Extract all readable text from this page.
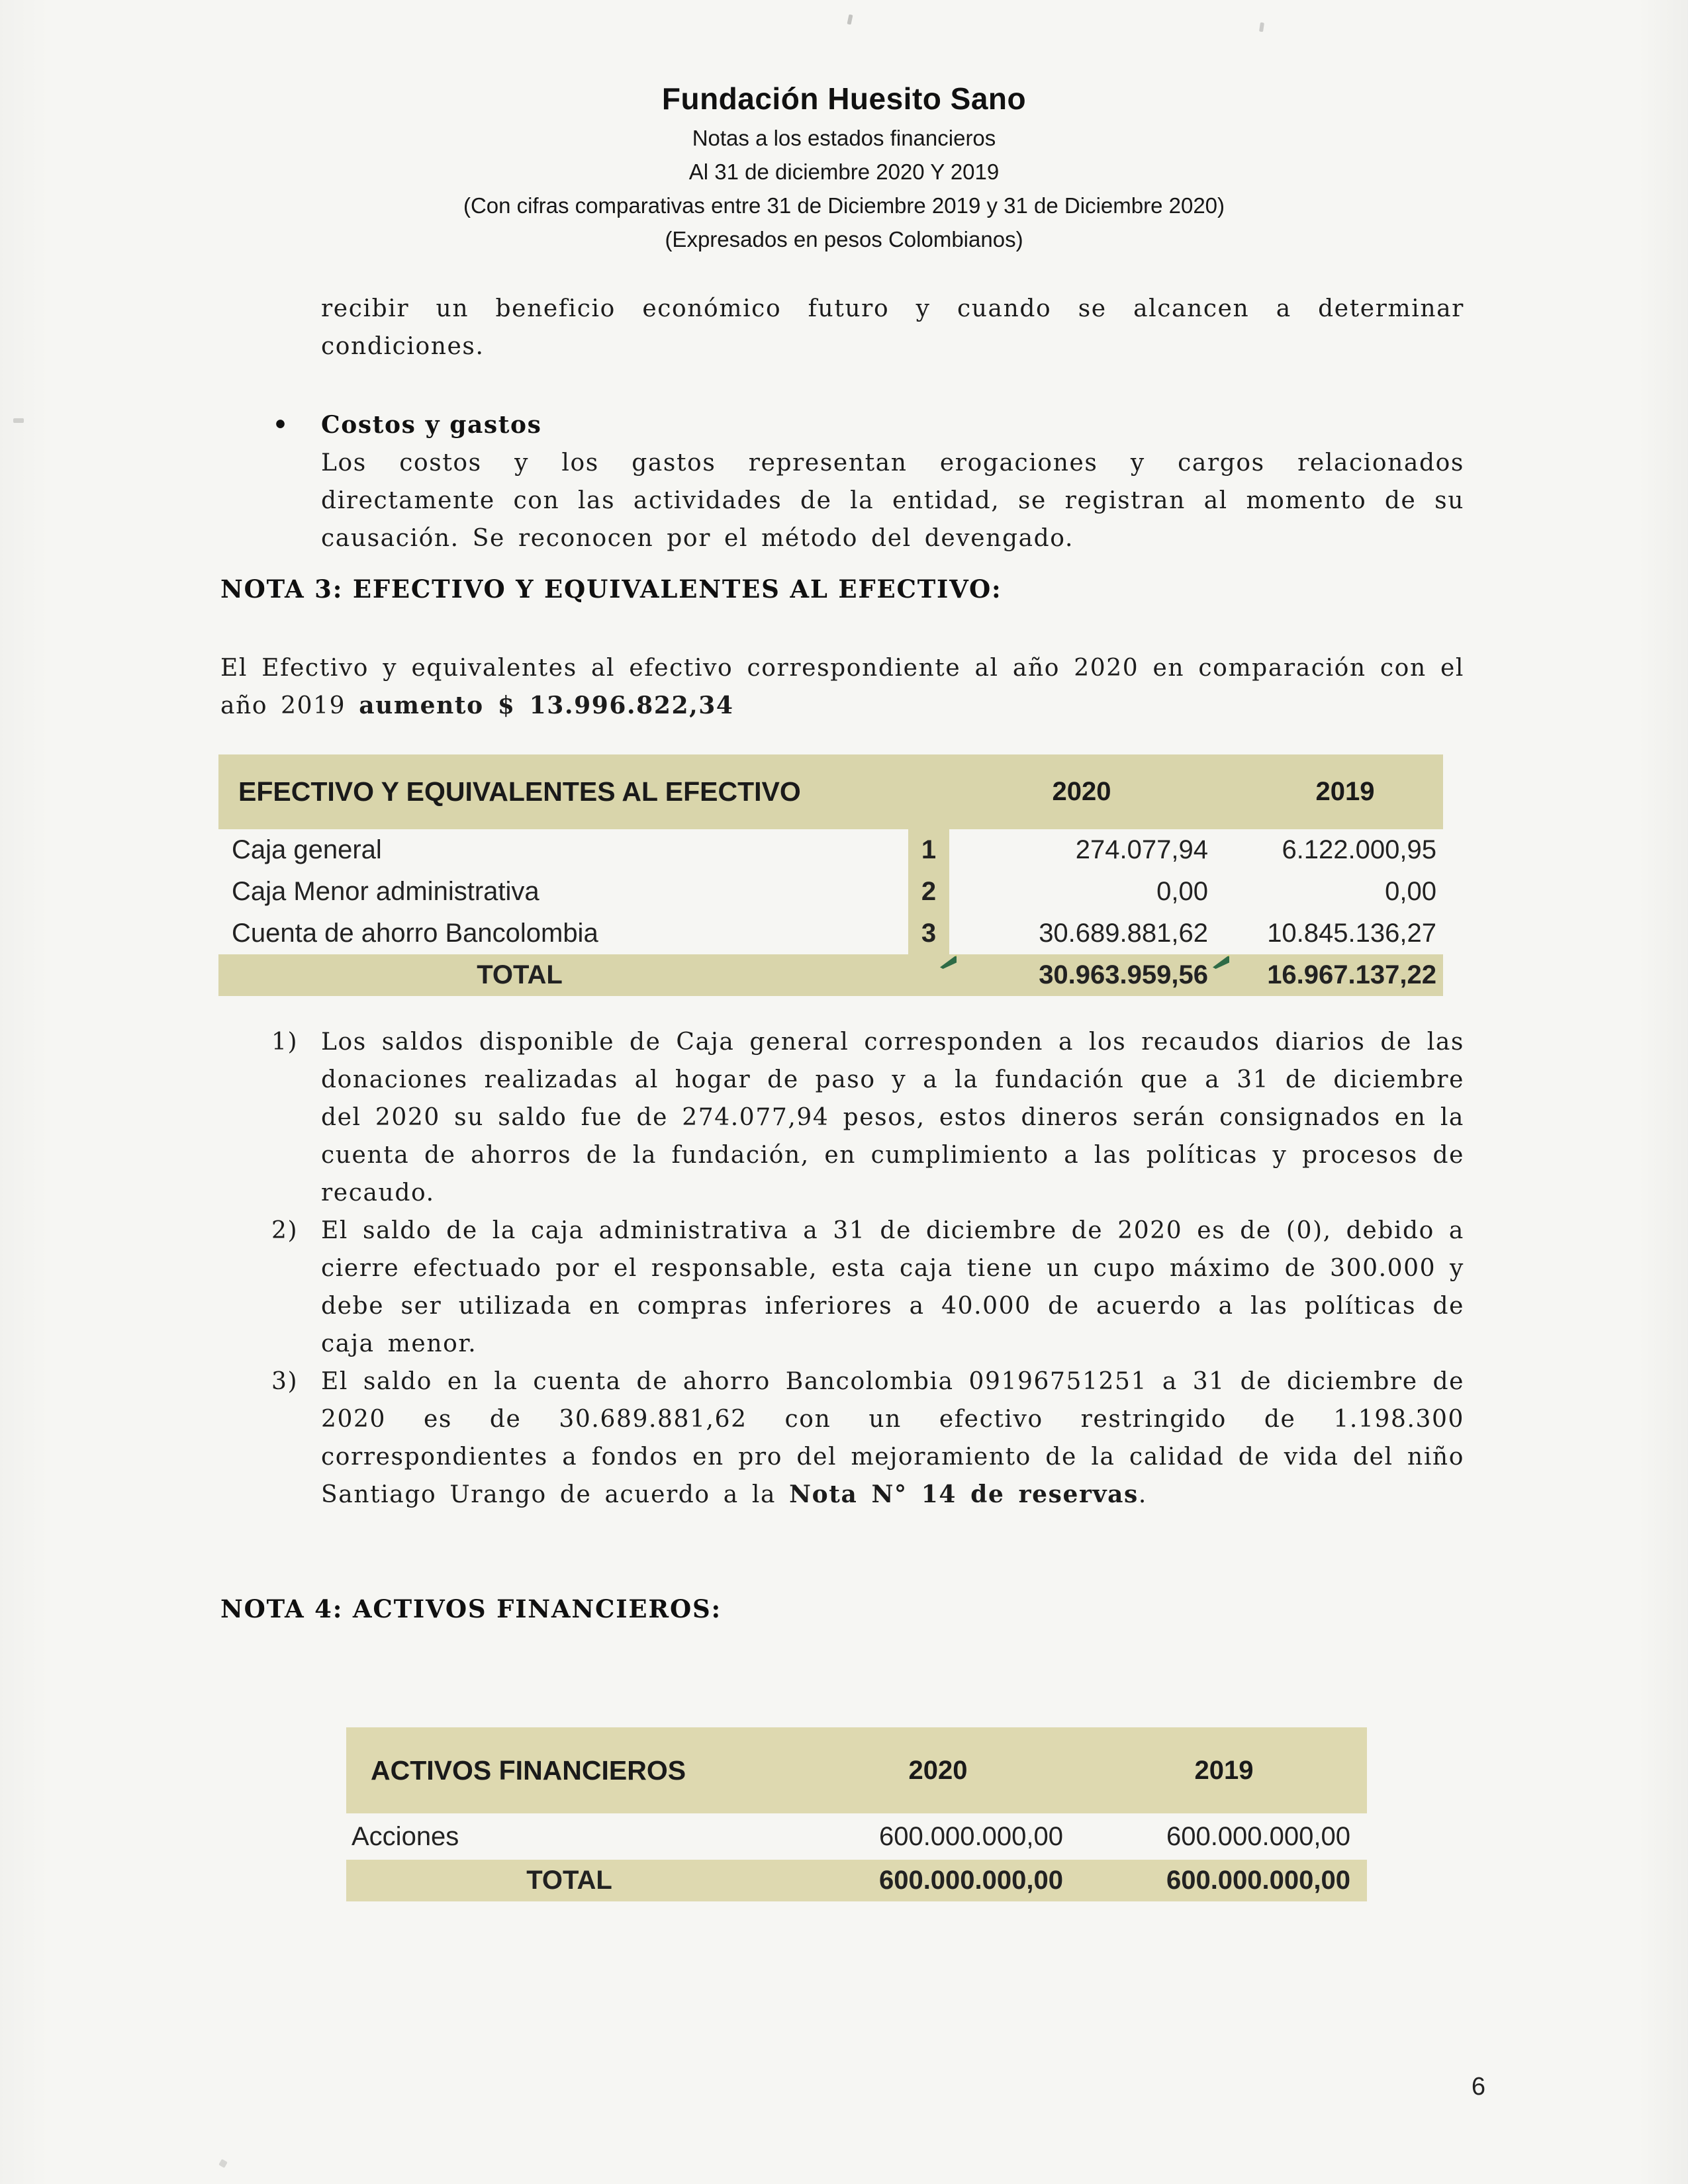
Fundación Huesito Sano
Notas a los estados financieros
Al 31 de diciembre 2020 Y 2019
(Con cifras comparativas entre 31 de Diciembre 2019 y 31 de Diciembre 2020)
(Expresados en pesos Colombianos)
recibir un beneficio económico futuro y cuando se alcancen a determinar condiciones.
• Costos y gastos
Los costos y los gastos representan erogaciones y cargos relacionados directamente con las actividades de la entidad, se registran al momento de su causación. Se reconocen por el método del devengado.
NOTA 3: EFECTIVO Y EQUIVALENTES AL EFECTIVO:
El Efectivo y equivalentes al efectivo correspondiente al año 2020 en comparación con el año 2019 aumento $ 13.996.822,34
EFECTIVO Y EQUIVALENTES AL EFECTIVO	2020	2019
Caja general	1	274.077,94	6.122.000,95
Caja Menor administrativa	2	0,00	0,00
Cuenta de ahorro Bancolombia	3	30.689.881,62 10.845.136,27
TOTAL	30.963.959,56 16.967.137,22
1) Los saldos disponible de Caja general corresponden a los recaudos diarios de las donaciones realizadas al hogar de paso y a la fundación que a 31 de diciembre del 2020 su saldo fue de 274.077,94 pesos, estos dineros serán consignados en la cuenta de ahorros de la fundación, en cumplimiento a las políticas y procesos de recaudo.
2) El saldo de la caja administrativa a 31 de diciembre de 2020 es de (0), debido a cierre efectuado por el responsable, esta caja tiene un cupo máximo de 300.000 y debe ser utilizada en compras inferiores a 40.000 de acuerdo a las políticas de caja menor.
3) El saldo en la cuenta de ahorro Bancolombia 09196751251 a 31 de diciembre de 2020 es de 30.689.881,62 con un efectivo restringido de 1.198.300 correspondientes a fondos en pro del mejoramiento de la calidad de vida del niño Santiago Urango de acuerdo a la Nota N° 14 de reservas.
NOTA 4: ACTIVOS FINANCIEROS:
ACTIVOS FINANCIEROS	2020	2019
Acciones	600.000.000,00	600.000.000,00
TOTAL	600.000.000,00	600.000.000,00
6
